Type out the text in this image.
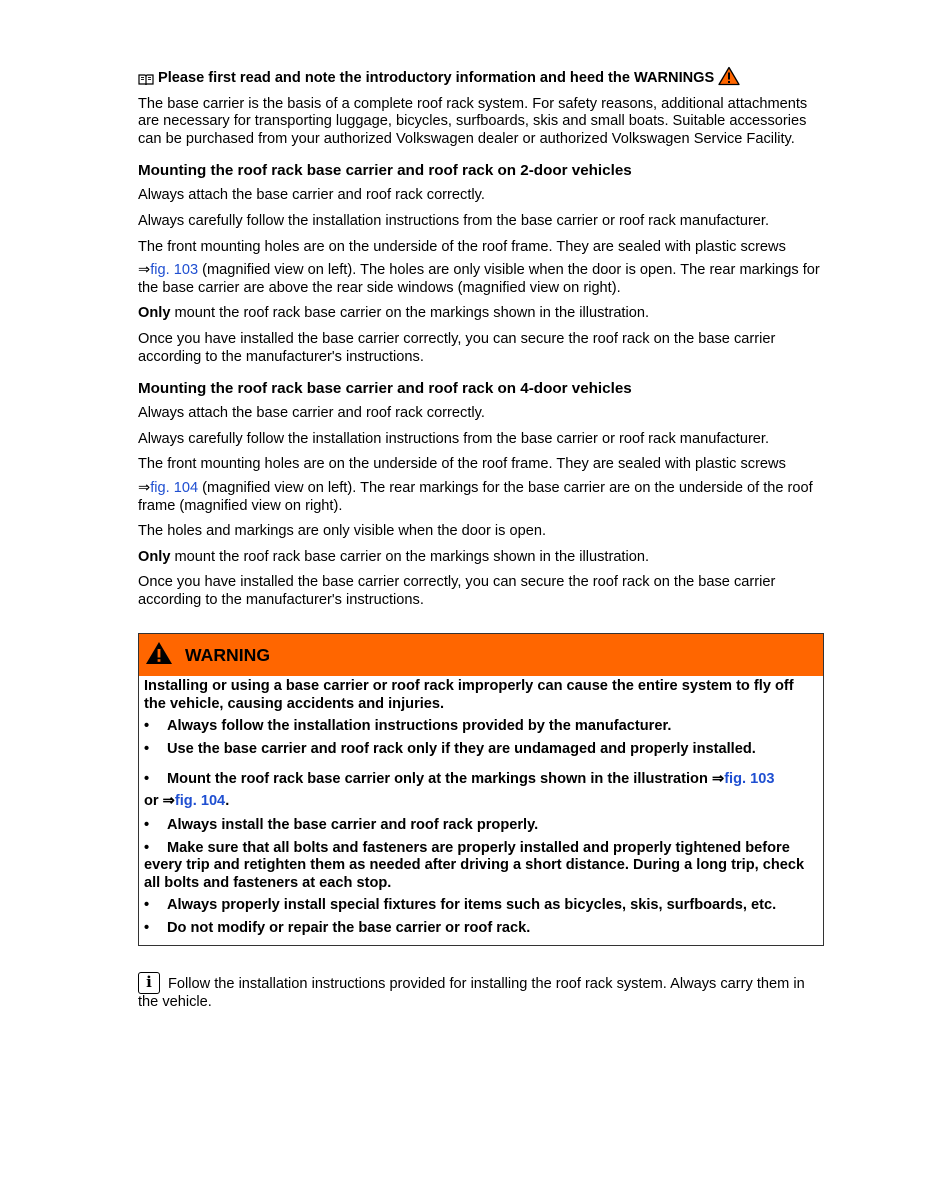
Please first read and note the introductory information and heed the WARNINGS

The base carrier is the basis of a complete roof rack system. For safety reasons, additional attachments are necessary for transporting luggage, bicycles, surfboards, skis and small boats. Suitable accessories can be purchased from your authorized Volkswagen dealer or authorized Volkswagen Service Facility.

Mounting the roof rack base carrier and roof rack on 2-door vehicles

Always attach the base carrier and roof rack correctly.

Always carefully follow the installation instructions from the base carrier or roof rack manufacturer.

The front mounting holes are on the underside of the roof frame. They are sealed with plastic screws

⇒fig. 103 (magnified view on left). The holes are only visible when the door is open. The rear markings for the base carrier are above the rear side windows (magnified view on right).

Only mount the roof rack base carrier on the markings shown in the illustration.

Once you have installed the base carrier correctly, you can secure the roof rack on the base carrier according to the manufacturer's instructions.

Mounting the roof rack base carrier and roof rack on 4-door vehicles

Always attach the base carrier and roof rack correctly.

Always carefully follow the installation instructions from the base carrier or roof rack manufacturer.

The front mounting holes are on the underside of the roof frame. They are sealed with plastic screws

⇒fig. 104 (magnified view on left). The rear markings for the base carrier are on the underside of the roof frame (magnified view on right).

The holes and markings are only visible when the door is open.

Only mount the roof rack base carrier on the markings shown in the illustration.

Once you have installed the base carrier correctly, you can secure the roof rack on the base carrier according to the manufacturer's instructions.

WARNING

Installing or using a base carrier or roof rack improperly can cause the entire system to fly off the vehicle, causing accidents and injuries.

• Always follow the installation instructions provided by the manufacturer.

• Use the base carrier and roof rack only if they are undamaged and properly installed.

• Mount the roof rack base carrier only at the markings shown in the illustration ⇒fig. 103
or ⇒fig. 104.

• Always install the base carrier and roof rack properly.

• Make sure that all bolts and fasteners are properly installed and properly tightened before every trip and retighten them as needed after driving a short distance. During a long trip, check all bolts and fasteners at each stop.

• Always properly install special fixtures for items such as bicycles, skis, surfboards, etc.

• Do not modify or repair the base carrier or roof rack.

i	Follow the installation instructions provided for installing the roof rack system. Always carry them in the vehicle.
